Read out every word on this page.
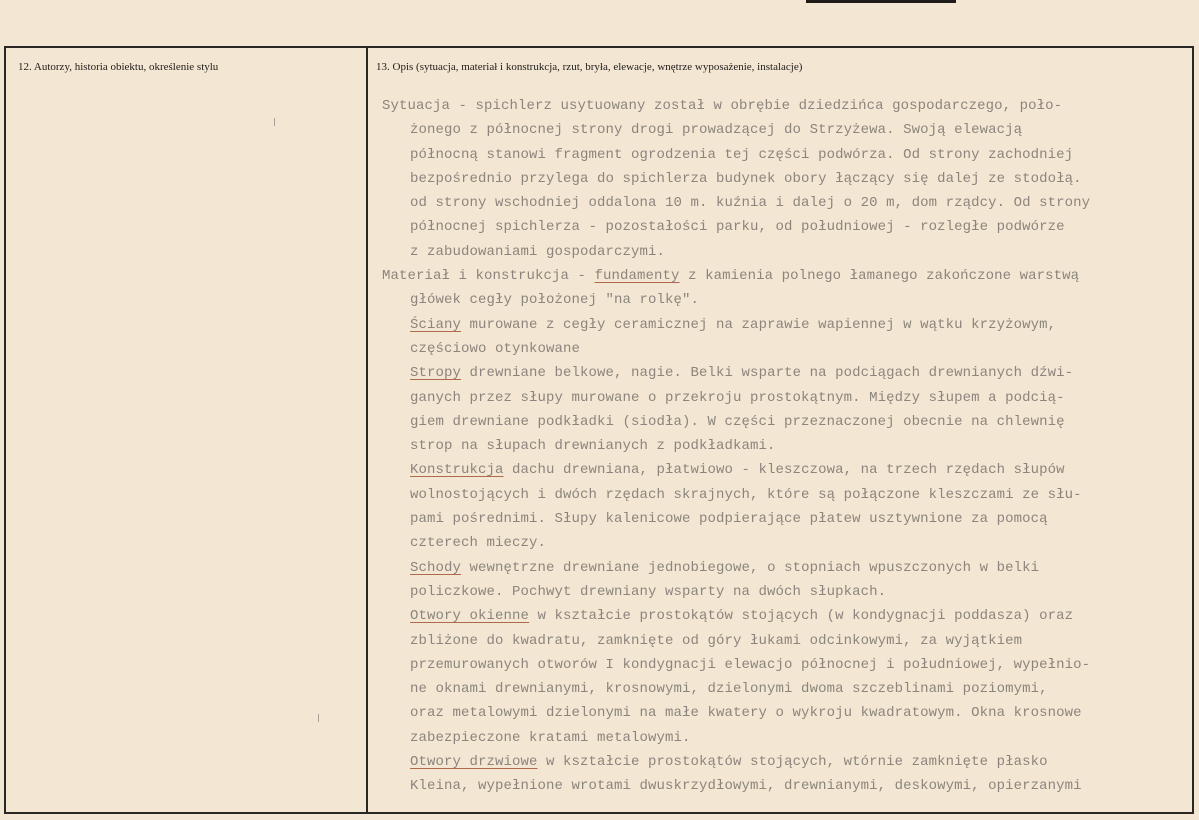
12. Autorzy, historia obiektu, określenie stylu	13. Opis (sytuacja, materiał i konstrukcja, rzut, bryła, elewacje, wnętrze wyposażenie, instalacje)
Sytuacja - spichlerz usytuowany został w obrębie dziedzińca gospodarczego, poło-
żonego z północnej strony drogi prowadzącej do Strzyżewa. Swoją elewacją
północną stanowi fragment ogrodzenia tej części podwórza. Od strony zachodniej
bezpośrednio przylega do spichlerza budynek obory łączący się dalej ze stodołą.
od strony wschodniej oddalona 10 m. kuźnia i dalej o 20 m, dom rządcy. Od strony
północnej spichlerza - pozostałości parku, od południowej - rozległe podwórze
z zabudowaniami gospodarczymi.
Materiał i konstrukcja - fundamenty z kamienia polnego łamanego zakończone warstwą
główek cegły położonej "na rolkę".
Ściany murowane z cegły ceramicznej na zaprawie wapiennej w wątku krzyżowym,
częściowo otynkowane
Stropy drewniane belkowe, nagie. Belki wsparte na podciągach drewnianych dźwi-
ganych przez słupy murowane o przekroju prostokątnym. Między słupem a podcią-
giem drewniane podkładki (siodła). W części przeznaczonej obecnie na chlewnię
strop na słupach drewnianych z podkładkami.
Konstrukcja dachu drewniana, płatwiowo - kleszczowa, na trzech rzędach słupów
wolnostojących i dwóch rzędach skrajnych, które są połączone kleszczami ze słu-
pami pośrednimi. Słupy kalenicowe podpierające płatew usztywnione za pomocą
czterech mieczy.
Schody wewnętrzne drewniane jednobiegowe, o stopniach wpuszczonych w belki
policzkowe. Pochwyt drewniany wsparty na dwóch słupkach.
Otwory okienne w kształcie prostokątów stojących (w kondygnacji poddasza) oraz
zbliżone do kwadratu, zamknięte od góry łukami odcinkowymi, za wyjątkiem
przemurowanych otworów I kondygnacji elewacjo północnej i południowej, wypełnio-
ne oknami drewnianymi, krosnowymi, dzielonymi dwoma szczeblinami poziomymi,
oraz metalowymi dzielonymi na małe kwatery o wykroju kwadratowym. Okna krosnowe
zabezpieczone kratami metalowymi.
Otwory drzwiowe w kształcie prostokątów stojących, wtórnie zamknięte płasko
Kleina, wypełnione wrotami dwuskrzydłowymi, drewnianymi, deskowymi, opierzanymi
